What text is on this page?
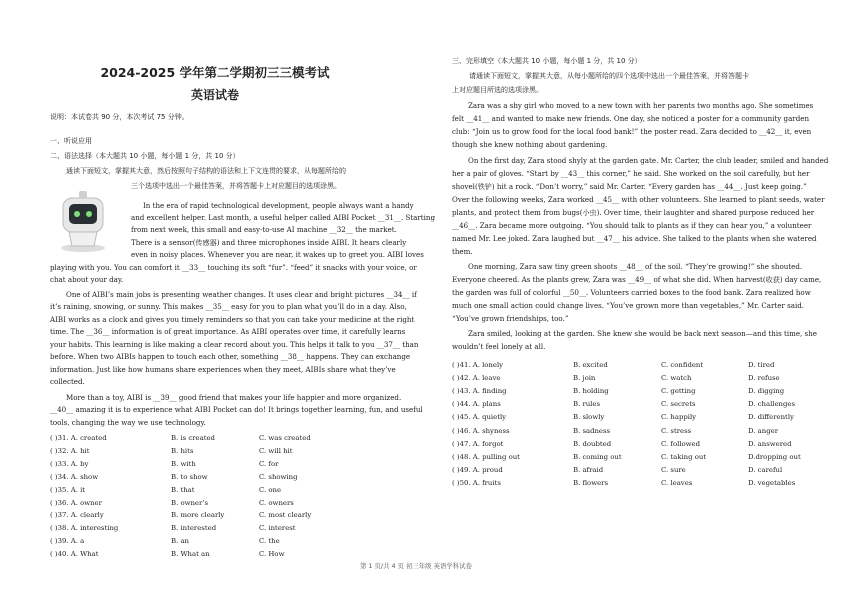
2024-2025 学年第二学期初三三模考试
英语试卷
说明：本试卷共 90 分，本次考试 75 分钟。
一、听说应用
二、语法选择（本大题共 10 小题，每小题 1 分，共 10 分）
通读下面短文，掌握其大意，然后按照句子结构的语法和上下文连贯的要求，从每题所给的
三个选项中选出一个最佳答案，并将答题卡上对应题目的选项涂黑。
In the era of rapid technological development, people always want a handy
and excellent helper. Last month, a useful helper called AIBI Pocket __31__. Starting
from next week, this small and easy-to-use AI machine __32__ the market.
There is a sensor(传感器) and three microphones inside AIBI. It hears clearly
even in noisy places. Whenever you are near, it wakes up to greet you. AIBI loves
playing with you. You can comfort it __33__ touching its soft “fur”. “feed” it snacks with your voice, or
chat about your day.
One of AIBI’s main jobs is presenting weather changes. It uses clear and bright pictures __34__ if
it’s raining, snowing, or sunny. This makes __35__ easy for you to plan what you’ll do in a day. Also,
AIBI works as a clock and gives you timely reminders so that you can take your medicine at the right
time. The __36__ information is of great importance. As AIBI operates over time, it carefully learns
your habits. This learning is like making a clear record about you. This helps it talk to you __37__ than
before. When two AIBIs happen to touch each other, something __38__ happens. They can exchange
information. Just like how humans share experiences when they meet, AIBIs share what they’ve
collected.
More than a toy, AIBI is __39__ good friend that makes your life happier and more organized.
__40__ amazing it is to experience what AIBI Pocket can do! It brings together learning, fun, and useful
tools, changing the way we use technology.
( )31. A. created	B. is created	C. was created
( )32. A. hit	B. hits	C. will hit
( )33. A. by	B. with	C. for
( )34. A. show	B. to show	C. showing
( )35. A. it	B. that	C. one
( )36. A. owner	B. owner’s	C. owners
( )37. A. clearly	B. more clearly	C. most clearly
( )38. A. interesting	B. interested	C. interest
( )39. A. a	B. an	C. the
( )40. A. What	B. What an	C. How
三、完形填空（本大题共 10 小题，每小题 1 分，共 10 分）
请通读下面短文，掌握其大意，从每小题所给的四个选项中选出一个最佳答案，并将答题卡
上对应题目所选的选项涂黑。
Zara was a shy girl who moved to a new town with her parents two months ago. She sometimes
felt __41__ and wanted to make new friends. One day, she noticed a poster for a community garden
club: “Join us to grow food for the local food bank!” the poster read. Zara decided to __42__ it, even
though she knew nothing about gardening.
On the first day, Zara stood shyly at the garden gate. Mr. Carter, the club leader, smiled and handed
her a pair of gloves. “Start by __43__ this corner,” he said. She worked on the soil carefully, but her
shovel(铁铲) hit a rock. “Don’t worry,” said Mr. Carter. “Every garden has __44__. Just keep going.”
Over the following weeks, Zara worked __45__ with other volunteers. She learned to plant seeds, water
plants, and protect them from bugs(小虫). Over time, their laughter and shared purpose reduced her
__46__. Zara became more outgoing. “You should talk to plants as if they can hear you,” a volunteer
named Mr. Lee joked. Zara laughed but __47__ his advice. She talked to the plants when she watered
them.
One morning, Zara saw tiny green shoots __48__ of the soil. “They’re growing!” she shouted.
Everyone cheered. As the plants grew, Zara was __49__ of what she did. When harvest(收获) day came,
the garden was full of colorful __50__. Volunteers carried boxes to the food bank. Zara realized how
much one small action could change lives. “You’ve grown more than vegetables,” Mr. Carter said.
“You’ve grown friendships, too.”
Zara smiled, looking at the garden. She knew she would be back next season—and this time, she
wouldn’t feel lonely at all.
( )41. A. lonely	B. excited	C. confident	D. tired
( )42. A. leave	B. join	C. watch	D. refuse
( )43. A. finding	B. holding	C. getting	D. digging
( )44. A. plans	B. rules	C. secrets	D. challenges
( )45. A. quietly	B. slowly	C. happily	D. differently
( )46. A. shyness	B. sadness	C. stress	D. anger
( )47. A. forgot	B. doubted	C. followed	D. answered
( )48. A. pulling out	B. coming out	C. taking out	D.dropping out
( )49. A. proud	B. afraid	C. sure	D. careful
( )50. A. fruits	B. flowers	C. leaves	D. vegetables
第 1 页/共 4 页 初三年级 英语学科试卷
